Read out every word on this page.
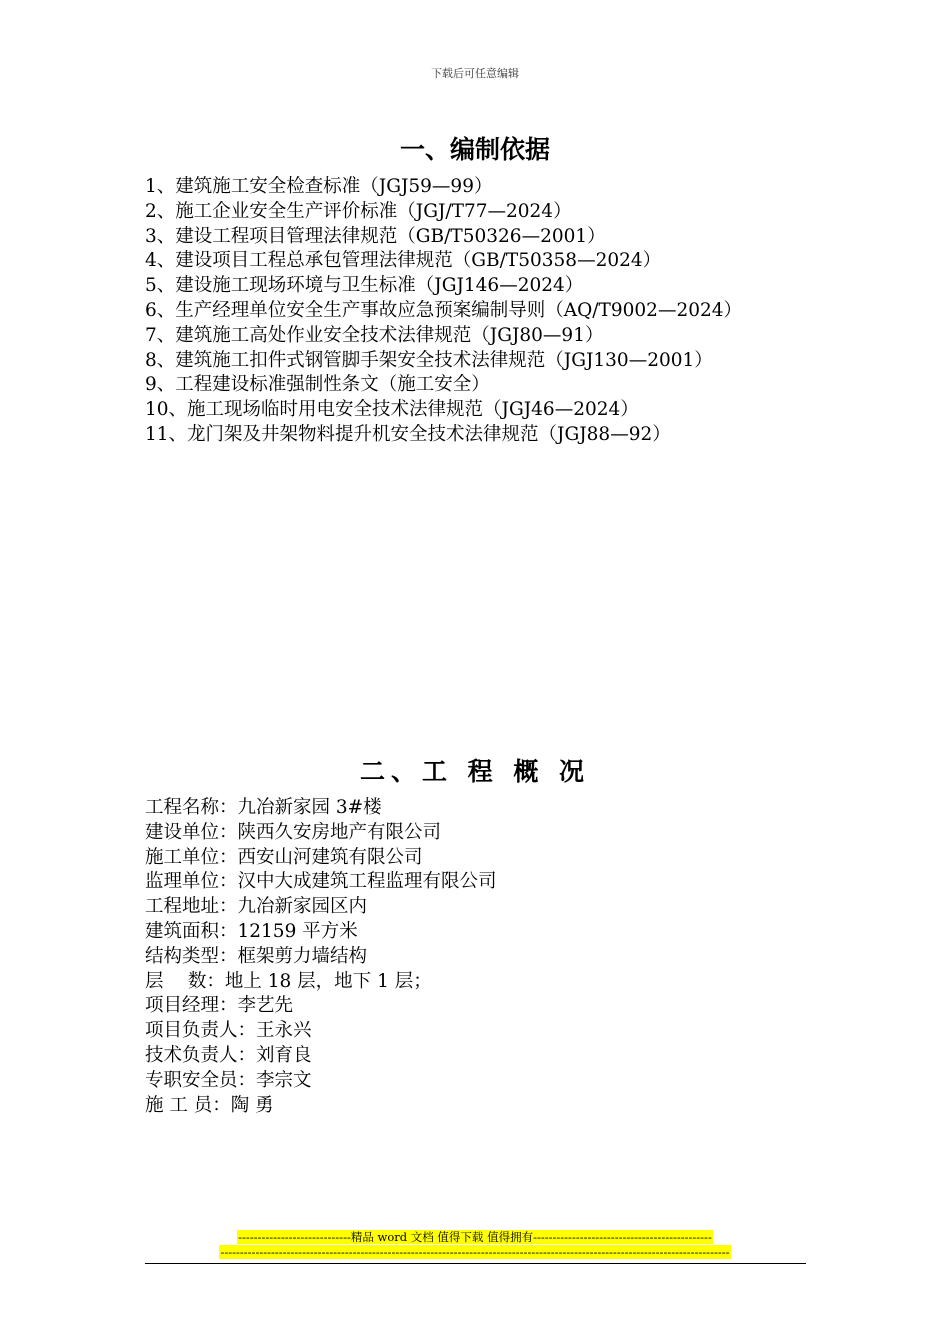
下载后可任意编辑
一、编制依据
1、建筑施工安全检查标准（JGJ59—99）
2、施工企业安全生产评价标准（JGJ/T77—2024）
3、建设工程项目管理法律规范（GB/T50326—2001）
4、建设项目工程总承包管理法律规范（GB/T50358—2024）
5、建设施工现场环境与卫生标准（JGJ146—2024）
6、生产经理单位安全生产事故应急预案编制导则（AQ/T9002—2024）
7、建筑施工高处作业安全技术法律规范（JGJ80—91）
8、建筑施工扣件式钢管脚手架安全技术法律规范（JGJ130—2001）
9、工程建设标准强制性条文（施工安全）
10、施工现场临时用电安全技术法律规范（JGJ46—2024）
11、龙门架及井架物料提升机安全技术法律规范（JGJ88—92）
二、工 程 概 况
工程名称：九冶新家园 3#楼
建设单位：陕西久安房地产有限公司
施工单位：西安山河建筑有限公司
监理单位：汉中大成建筑工程监理有限公司
工程地址：九冶新家园区内
建筑面积：12159 平方米
结构类型：框架剪力墙结构
层　 数：地上 18 层，地下 1 层；
项目经理：李艺先
项目负责人：王永兴
技术负责人：刘育良
专职安全员：李宗文
施 工 员：陶 勇
-----------------------------精品 word 文档 值得下载 值得拥有----------------------------------------------
-----------------------------------------------------------------------------------------------------------------------------------
